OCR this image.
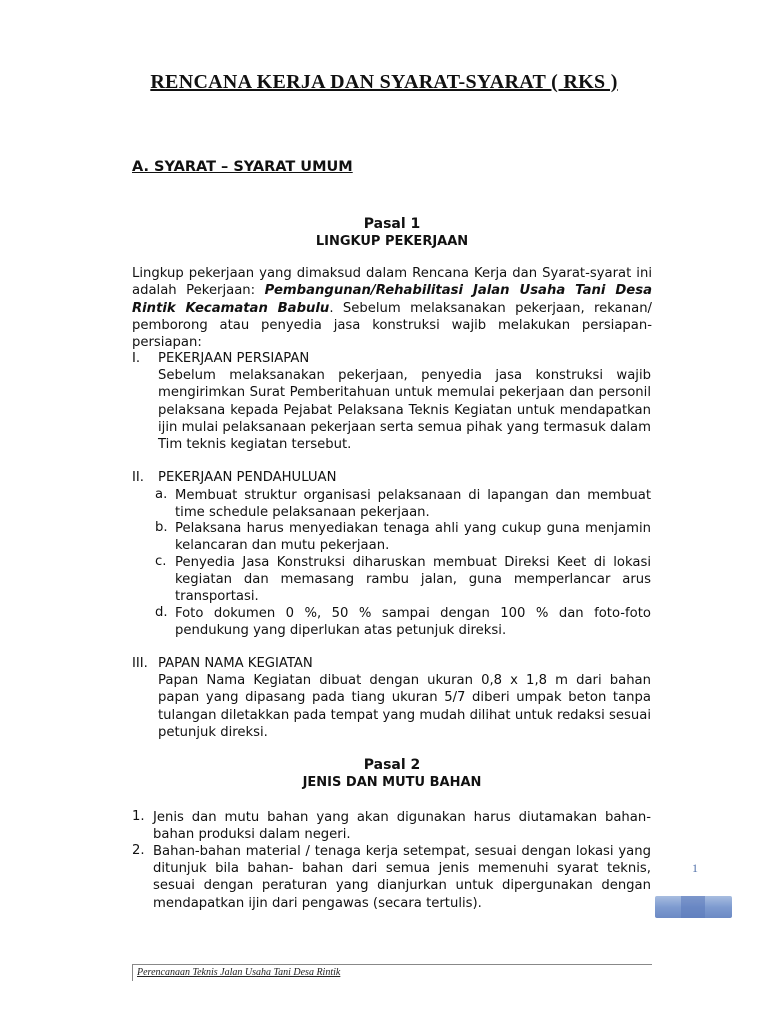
RENCANA KERJA DAN SYARAT-SYARAT ( RKS )
A. SYARAT – SYARAT UMUM
Pasal 1
LINGKUP PEKERJAAN

Lingkup pekerjaan yang dimaksud dalam Rencana Kerja dan Syarat-syarat ini adalah Pekerjaan: Pembangunan/Rehabilitasi Jalan Usaha Tani Desa Rintik Kecamatan Babulu. Sebelum melaksanakan pekerjaan, rekanan/ pemborong atau penyedia jasa konstruksi wajib melakukan persiapan- persiapan:

I. PEKERJAAN PERSIAPAN

Sebelum melaksanakan pekerjaan, penyedia jasa konstruksi wajib mengirimkan Surat Pemberitahuan untuk memulai pekerjaan dan personil pelaksana kepada Pejabat Pelaksana Teknis Kegiatan untuk mendapatkan ijin mulai pelaksanaan pekerjaan serta semua pihak yang termasuk dalam Tim teknis kegiatan tersebut.

II. PEKERJAAN PENDAHULUAN
a. Membuat struktur organisasi pelaksanaan di lapangan dan membuat time schedule pelaksanaan pekerjaan.

b. Pelaksana harus menyediakan tenaga ahli yang cukup guna menjamin kelancaran dan mutu pekerjaan.

c. Penyedia Jasa Konstruksi diharuskan membuat Direksi Keet di lokasi kegiatan dan memasang rambu jalan, guna memperlancar arus transportasi.

d. Foto dokumen 0 %, 50 % sampai dengan 100 % dan foto-foto pendukung yang diperlukan atas petunjuk direksi.

III. PAPAN NAMA KEGIATAN

Papan Nama Kegiatan dibuat dengan ukuran 0,8 x 1,8 m dari bahan papan yang dipasang pada tiang ukuran 5/7 diberi umpak beton tanpa tulangan diletakkan pada tempat yang mudah dilihat untuk redaksi sesuai petunjuk direksi.

Pasal 2
JENIS DAN MUTU BAHAN
1. Jenis dan mutu bahan yang akan digunakan harus diutamakan bahan-bahan produksi dalam negeri.

2. Bahan-bahan material / tenaga kerja setempat, sesuai dengan lokasi yang ditunjuk bila bahan- bahan dari semua jenis memenuhi syarat teknis, sesuai dengan peraturan yang dianjurkan untuk dipergunakan dengan mendapatkan ijin dari pengawas (secara tertulis).

1
Perencanaan Teknis Jalan Usaha Tani Desa Rintik
